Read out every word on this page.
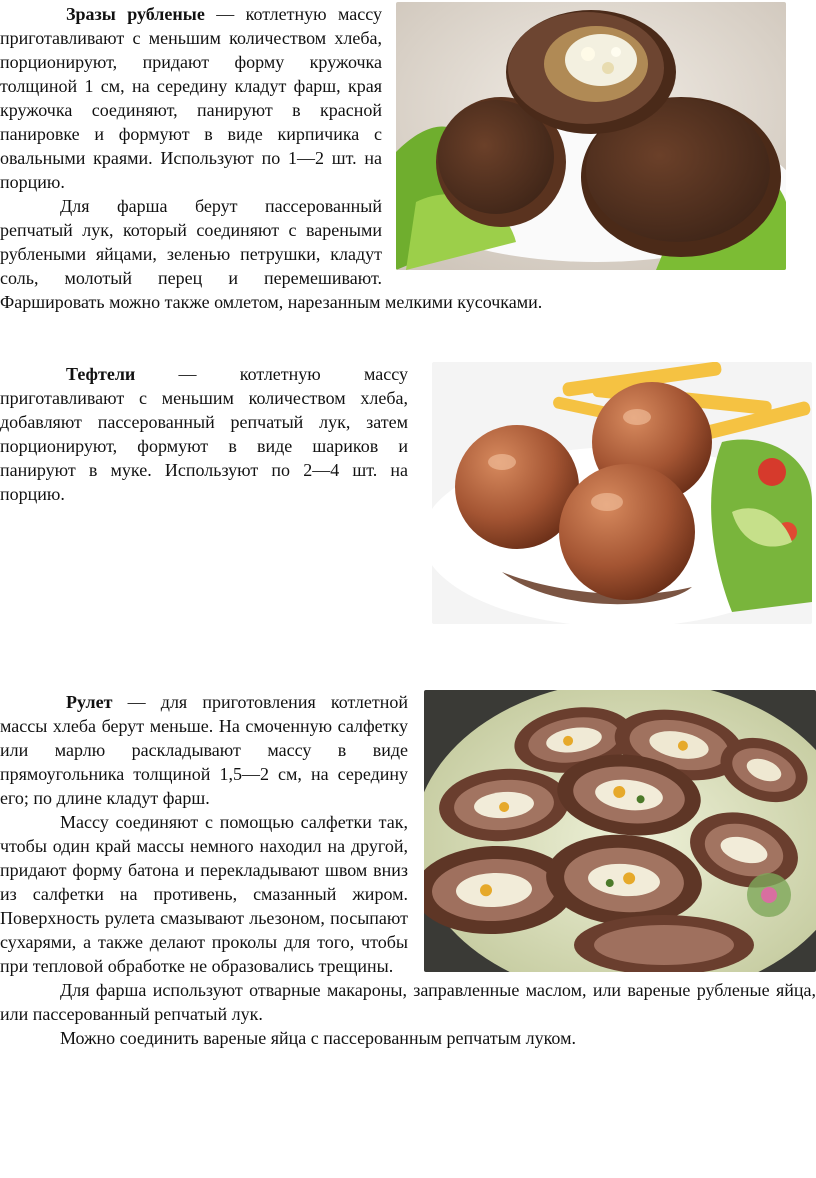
Зразы рубленые — котлетную массу приготавливают с меньшим количеством хлеба, порционируют, придают форму кружочка толщиной 1 см, на середину кладут фарш, края кружочка соединяют, панируют в красной панировке и формуют в виде кирпичика с овальными краями. Используют по 1—2 шт. на порцию.

Для фарша берут пассерованный репчатый лук, который соединяют с вареными рублеными яйцами, зеленью петрушки, кладут соль, молотый перец и перемешивают. Фаршировать можно также омлетом, нарезанным мелкими кусочками.

Тефтели — котлетную массу приготавливают с меньшим количеством хлеба, добавляют пассерованный репчатый лук, затем порционируют, формуют в виде шариков и панируют в муке. Используют по 2—4 шт. на порцию.

Рулет — для приготовления котлетной массы хлеба берут меньше. На смоченную салфетку или марлю раскладывают массу в виде прямоугольника толщиной 1,5—2 см, на середину его; по длине кладут фарш.

Массу соединяют с помощью салфетки так, чтобы один край массы немного находил на другой, придают форму батона и перекладывают швом вниз из салфетки на противень, смазанный жиром. Поверхность рулета смазывают льезоном, посыпают сухарями, а также делают проколы для того, чтобы при тепловой обработке не образовались трещины.

Для фарша используют отварные макароны, заправленные маслом, или вареные рубленые яйца, или пассерованный репчатый лук.

Можно соединить вареные яйца с пассерованным репчатым луком.
